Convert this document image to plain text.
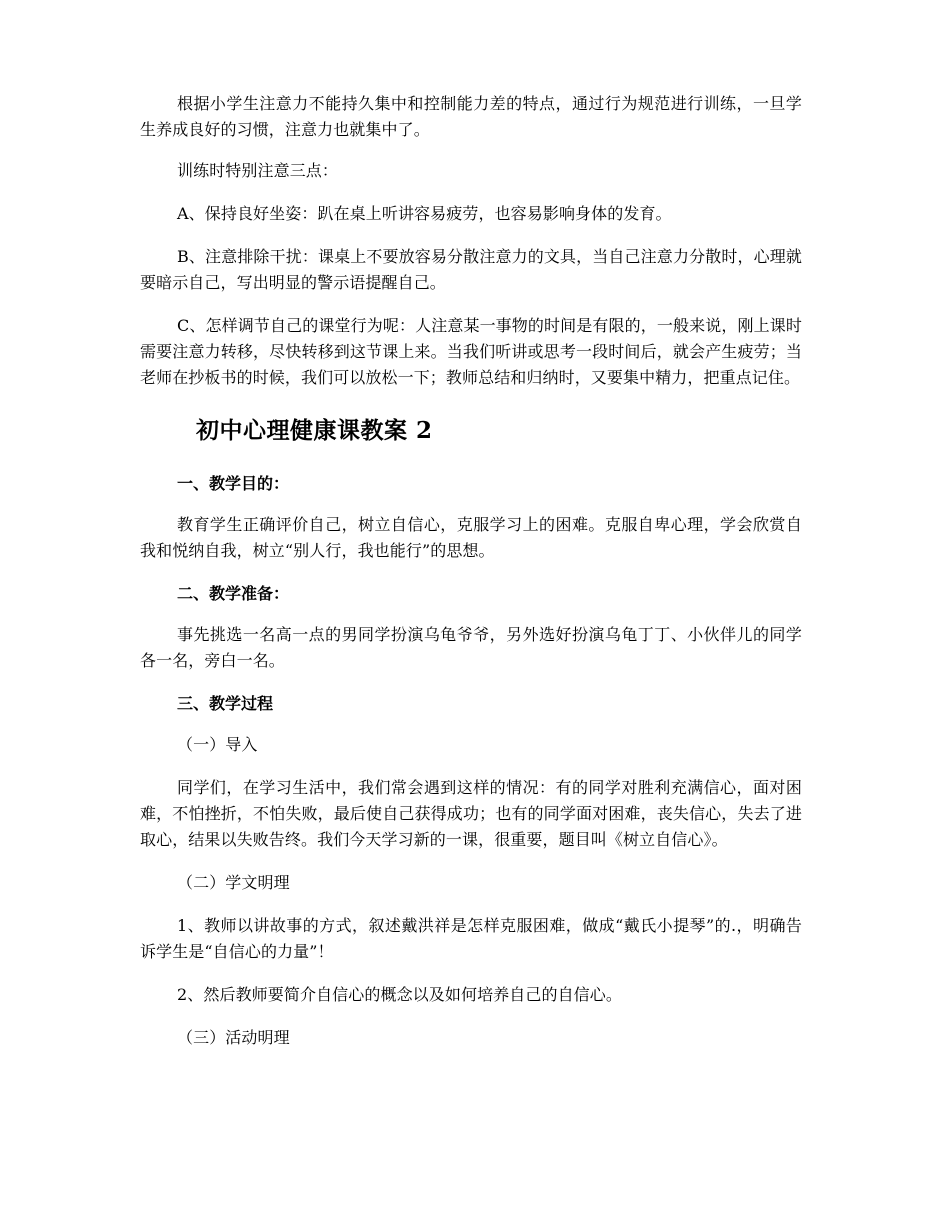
根据小学生注意力不能持久集中和控制能力差的特点，通过行为规范进行训练，一旦学生养成良好的习惯，注意力也就集中了。

训练时特别注意三点：

A、保持良好坐姿：趴在桌上听讲容易疲劳，也容易影响身体的发育。

B、注意排除干扰：课桌上不要放容易分散注意力的文具，当自己注意力分散时，心理就要暗示自己，写出明显的警示语提醒自己。

C、怎样调节自己的课堂行为呢：人注意某一事物的时间是有限的，一般来说，刚上课时需要注意力转移，尽快转移到这节课上来。当我们听讲或思考一段时间后，就会产生疲劳；当老师在抄板书的时候，我们可以放松一下；教师总结和归纳时，又要集中精力，把重点记住。

初中心理健康课教案 2
一、教学目的：

教育学生正确评价自己，树立自信心，克服学习上的困难。克服自卑心理，学会欣赏自我和悦纳自我，树立“别人行，我也能行”的思想。

二、教学准备：

事先挑选一名高一点的男同学扮演乌龟爷爷，另外选好扮演乌龟丁丁、小伙伴儿的同学各一名，旁白一名。

三、教学过程

（一）导入

同学们，在学习生活中，我们常会遇到这样的情况：有的同学对胜利充满信心，面对困难，不怕挫折，不怕失败，最后使自己获得成功；也有的同学面对困难，丧失信心，失去了进取心，结果以失败告终。我们今天学习新的一课，很重要，题目叫《树立自信心》。

（二）学文明理

1、教师以讲故事的方式，叙述戴洪祥是怎样克服困难，做成“戴氏小提琴”的.，明确告诉学生是“自信心的力量”！

2、然后教师要简介自信心的概念以及如何培养自己的自信心。

（三）活动明理
